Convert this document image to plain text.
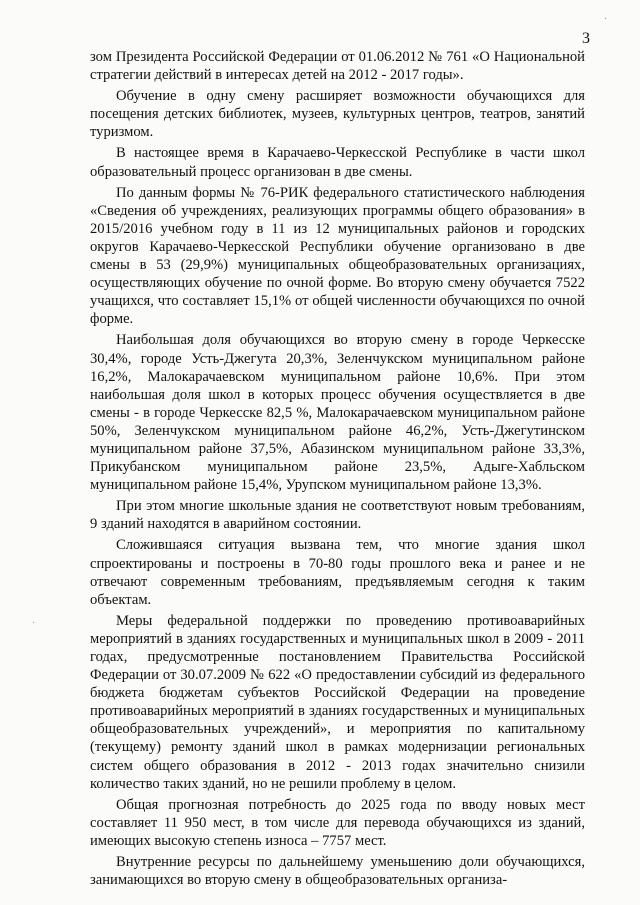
3

зом Президента Российской Федерации от 01.06.2012 № 761 «О Национальной стратегии действий в интересах детей на 2012 - 2017 годы».

Обучение в одну смену расширяет возможности обучающихся для посещения детских библиотек, музеев, культурных центров, театров, занятий туризмом.

В настоящее время в Карачаево-Черкесской Республике в части школ образовательный процесс организован в две смены.

По данным формы № 76-РИК федерального статистического наблюдения «Сведения об учреждениях, реализующих программы общего образования» в 2015/2016 учебном году в 11 из 12 муниципальных районов и городских округов Карачаево-Черкесской Республики обучение организовано в две смены в 53 (29,9%) муниципальных общеобразовательных организациях, осуществляющих обучение по очной форме. Во вторую смену обучается 7522 учащихся, что составляет 15,1% от общей численности обучающихся по очной форме.

Наибольшая доля обучающихся во вторую смену в городе Черкесске 30,4%, городе Усть-Джегута 20,3%, Зеленчукском муниципальном районе 16,2%, Малокарачаевском муниципальном районе 10,6%. При этом наибольшая доля школ в которых процесс обучения осуществляется в две смены - в городе Черкесске 82,5 %, Малокарачаевском муниципальном районе 50%, Зеленчукском муниципальном районе 46,2%, Усть-Джегутинском муниципальном районе 37,5%, Абазинском муниципальном районе 33,3%, Прикубанском муниципальном районе 23,5%, Адыге-Хабльском муниципальном районе 15,4%, Урупском муниципальном районе 13,3%.

При этом многие школьные здания не соответствуют новым требованиям, 9 зданий находятся в аварийном состоянии.

Сложившаяся ситуация вызвана тем, что многие здания школ спроектированы и построены в 70-80 годы прошлого века и ранее и не отвечают современным требованиям, предъявляемым сегодня к таким объектам.

Меры федеральной поддержки по проведению противоаварийных мероприятий в зданиях государственных и муниципальных школ в 2009 - 2011 годах, предусмотренные постановлением Правительства Российской Федерации от 30.07.2009 № 622 «О предоставлении субсидий из федерального бюджета бюджетам субъектов Российской Федерации на проведение противоаварийных мероприятий в зданиях государственных и муниципальных общеобразовательных учреждений», и мероприятия по капитальному (текущему) ремонту зданий школ в рамках модернизации региональных систем общего образования в 2012 - 2013 годах значительно снизили количество таких зданий, но не решили проблему в целом.

Общая прогнозная потребность до 2025 года по вводу новых мест составляет 11 950 мест, в том числе для перевода обучающихся из зданий, имеющих высокую степень износа – 7757 мест.

Внутренние ресурсы по дальнейшему уменьшению доли обучающихся, занимающихся во вторую смену в общеобразовательных организа-

·
·
